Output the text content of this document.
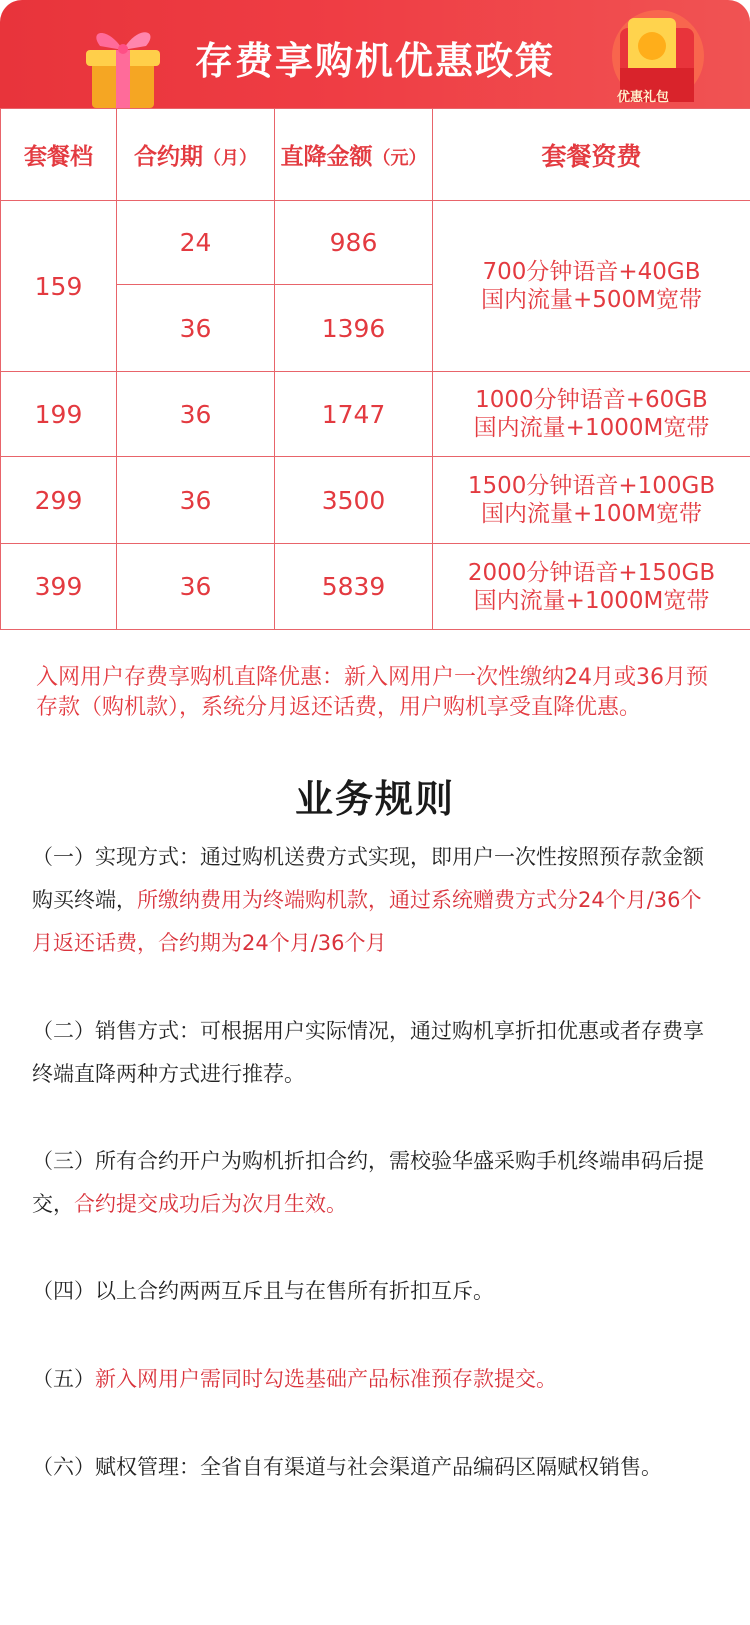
存费享购机优惠政策
优惠礼包
套餐档	合约期（月）	直降金额（元）	套餐资费
159	24	986	700分钟语音+40GB
国内流量+500M宽带

	36	1396	
199	36	1747	1000分钟语音+60GB
国内流量+1000M宽带

299	36	3500	1500分钟语音+100GB
国内流量+100M宽带

399	36	5839	2000分钟语音+150GB
国内流量+1000M宽带
入网用户存费享购机直降优惠：新入网用户一次性缴纳24月或36月预存款（购机款），系统分月返还话费，用户购机享受直降优惠。
业务规则
（一）实现方式：通过购机送费方式实现，即用户一次性按照预存款金额购买终端，所缴纳费用为终端购机款，通过系统赠费方式分24个月/36个月返还话费，合约期为24个月/36个月
（二）销售方式：可根据用户实际情况，通过购机享折扣优惠或者存费享终端直降两种方式进行推荐。
（三）所有合约开户为购机折扣合约，需校验华盛采购手机终端串码后提交，合约提交成功后为次月生效。
（四）以上合约两两互斥且与在售所有折扣互斥。
（五）新入网用户需同时勾选基础产品标准预存款提交。
（六）赋权管理：全省自有渠道与社会渠道产品编码区隔赋权销售。
